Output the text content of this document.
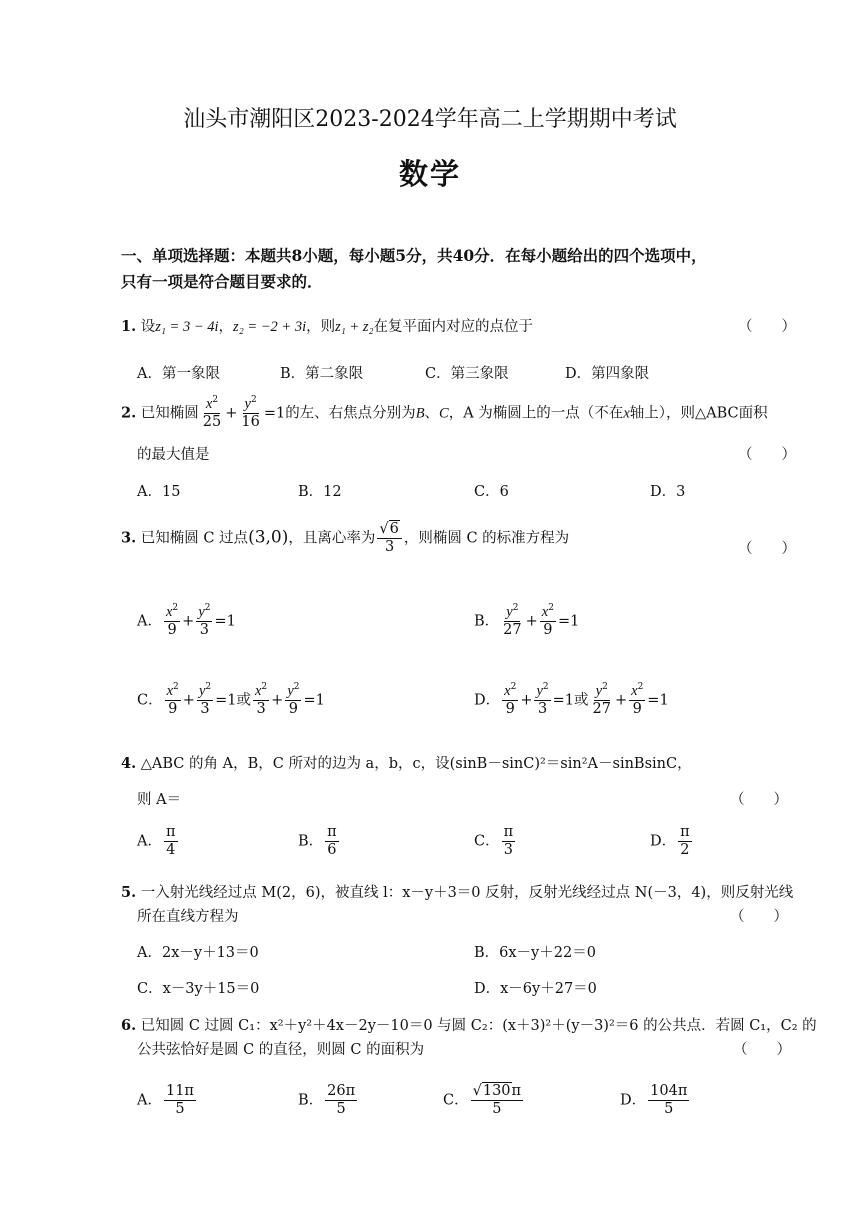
汕头市潮阳区2023-2024学年高二上学期期中考试
数学
一、单项选择题：本题共8小题，每小题5分，共40分．在每小题给出的四个选项中，
只有一项是符合题目要求的．
1. 设z₁ = 3 − 4i，z₂ = −2 + 3i，则z₁ + z₂在复平面内对应的点位于	（　　）
A．第一象限	B．第二象限	C．第三象限	D．第四象限
2. 已知椭圆 $\frac{x^2}{25} + \frac{y^2}{16} =1$的左、右焦点分别为B、C，A 为椭圆上的一点（不在x轴上），则△ABC面积
的最大值是	（　　）
A．15	B．12	C．6	D．3
3. 已知椭圆 C 过点(3,0)，且离心率为 $\frac{√6}{3}$ ，则椭圆 C 的标准方程为
（　　）
A． $\frac{x^2}{9} + \frac{y^2}{3} =1$	B． $\frac{y^2}{27} + \frac{x^2}{9} =1$
C． $\frac{x^2}{9} + \frac{y^2}{3} =1$或 $\frac{x^2}{3} + \frac{y^2}{9} =1$	D． $\frac{x^2}{9} + \frac{y^2}{3} =1$或 $\frac{y^2}{27} + \frac{x^2}{9} =1$
4. △ABC 的角 A，B，C 所对的边为 a，b，c，设(sinB－sinC)²＝sin²A－sinBsinC，
则 A＝	（　　）
A． $\frac{\pi}{4}$	B． $\frac{\pi}{6}$	C． $\frac{\pi}{3}$	D． $\frac{\pi}{2}$
5. 一入射光线经过点 M(2，6)，被直线 l：x－y＋3＝0 反射，反射光线经过点 N(－3，4)，则反射光线
所在直线方程为	（　　）
A．2x－y＋13＝0	B．6x－y＋22＝0
C．x－3y＋15＝0	D．x－6y＋27＝0
6. 已知圆 C 过圆 C₁：x²＋y²＋4x－2y－10＝0 与圆 C₂：(x＋3)²＋(y－3)²＝6 的公共点．若圆 C₁，C₂ 的
公共弦恰好是圆 C 的直径，则圆 C 的面积为	（　　）
A． $\frac{11\pi}{5}$	B． $\frac{26\pi}{5}$	C． $\frac{√130\pi}{5}$	D． $\frac{104\pi}{5}$
